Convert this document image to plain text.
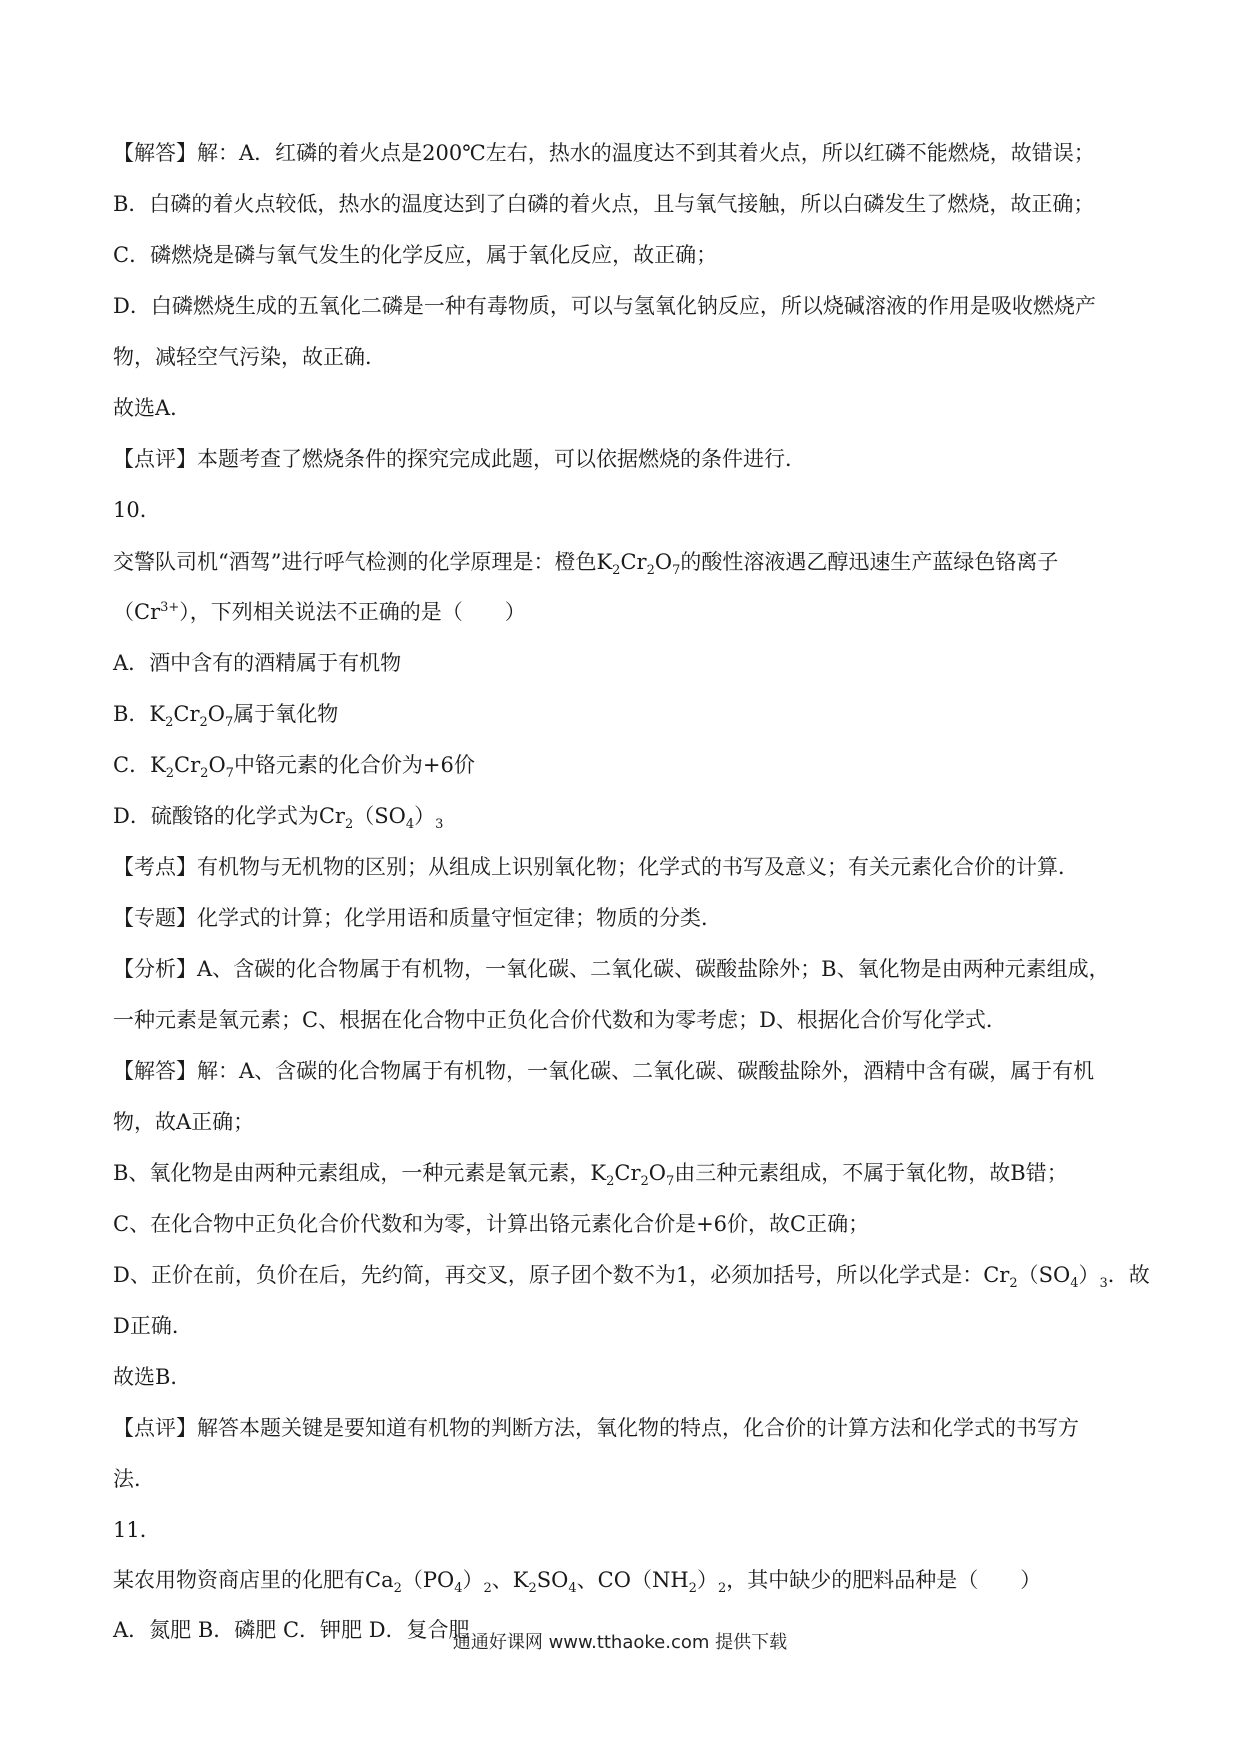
【解答】解：A．红磷的着火点是200℃左右，热水的温度达不到其着火点，所以红磷不能燃烧，故错误；
B．白磷的着火点较低，热水的温度达到了白磷的着火点，且与氧气接触，所以白磷发生了燃烧，故正确；
C．磷燃烧是磷与氧气发生的化学反应，属于氧化反应，故正确；
D．白磷燃烧生成的五氧化二磷是一种有毒物质，可以与氢氧化钠反应，所以烧碱溶液的作用是吸收燃烧产
物，减轻空气污染，故正确．
故选A．
【点评】本题考查了燃烧条件的探究完成此题，可以依据燃烧的条件进行．
10．
交警队司机“酒驾”进行呼气检测的化学原理是：橙色$K_2Cr_2O_7$的酸性溶液遇乙醇迅速生产蓝绿色铬离子
$(Cr^{3+})$，下列相关说法不正确的是（　　）
A．酒中含有的酒精属于有机物
B．$K_2Cr_2O_7$属于氧化物
C．$K_2Cr_2O_7$中铬元素的化合价为+6价
D．硫酸铬的化学式为$Cr_2(SO_4)_3$
【考点】有机物与无机物的区别；从组成上识别氧化物；化学式的书写及意义；有关元素化合价的计算．
【专题】化学式的计算；化学用语和质量守恒定律；物质的分类．
【分析】A、含碳的化合物属于有机物，一氧化碳、二氧化碳、碳酸盐除外；B、氧化物是由两种元素组成，
一种元素是氧元素；C、根据在化合物中正负化合价代数和为零考虑；D、根据化合价写化学式．
【解答】解：A、含碳的化合物属于有机物，一氧化碳、二氧化碳、碳酸盐除外，酒精中含有碳，属于有机
物，故A正确；
B、氧化物是由两种元素组成，一种元素是氧元素，$K_2Cr_2O_7$由三种元素组成，不属于氧化物，故B错；
C、在化合物中正负化合价代数和为零，计算出铬元素化合价是+6价，故C正确；
D、正价在前，负价在后，先约简，再交叉，原子团个数不为1，必须加括号，所以化学式是：$Cr_2(SO_4)_3$．故
D正确．
故选B．
【点评】解答本题关键是要知道有机物的判断方法，氧化物的特点，化合价的计算方法和化学式的书写方
法．
11．
某农用物资商店里的化肥有$Ca_2(PO_4)_2$、$K_2SO_4$、$CO(NH_2)_2$，其中缺少的肥料品种是（　　）
A．氮肥 B．磷肥 C．钾肥 D．复合肥
通通好课网 www.tthaoke.com 提供下载
